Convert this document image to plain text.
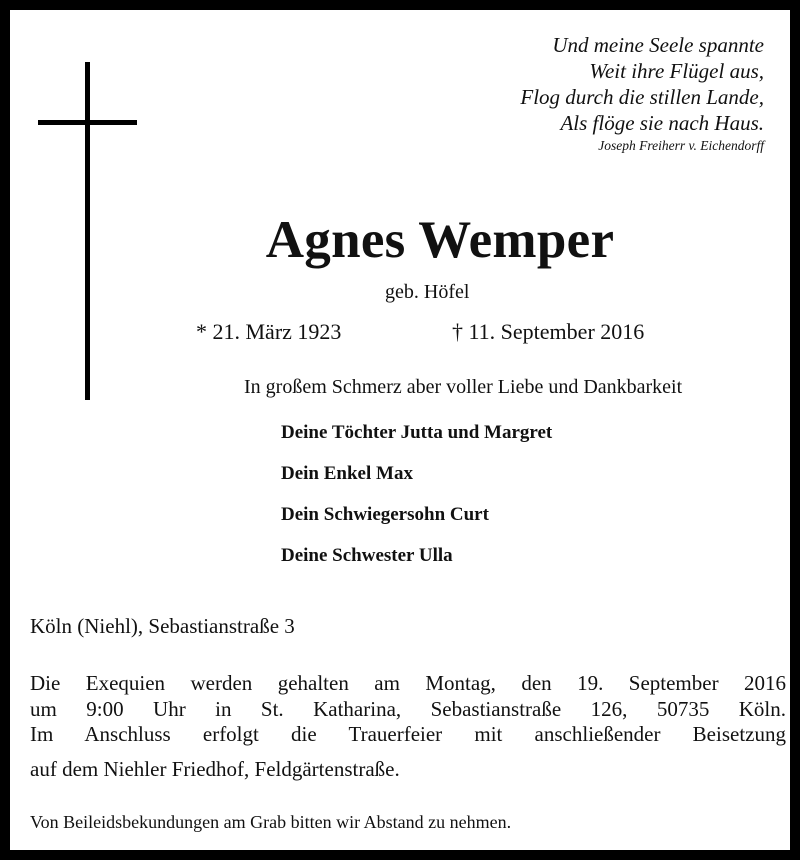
Und meine Seele spannte
Weit ihre Flügel aus,
Flog durch die stillen Lande,
Als flöge sie nach Haus.
Joseph Freiherr v. Eichendorff
Agnes Wemper
geb. Höfel
* 21. März 1923	† 11. September 2016
In großem Schmerz aber voller Liebe und Dankbarkeit
Deine Töchter Jutta und Margret
Dein Enkel Max
Dein Schwiegersohn Curt
Deine Schwester Ulla
Köln (Niehl), Sebastianstraße 3
Die Exequien werden gehalten am Montag, den 19. September 2016
um 9:00 Uhr in St. Katharina, Sebastianstraße 126, 50735 Köln.
Im Anschluss erfolgt die Trauerfeier mit anschließender Beisetzung
auf dem Niehler Friedhof, Feldgärtenstraße.
Von Beileidsbekundungen am Grab bitten wir Abstand zu nehmen.
